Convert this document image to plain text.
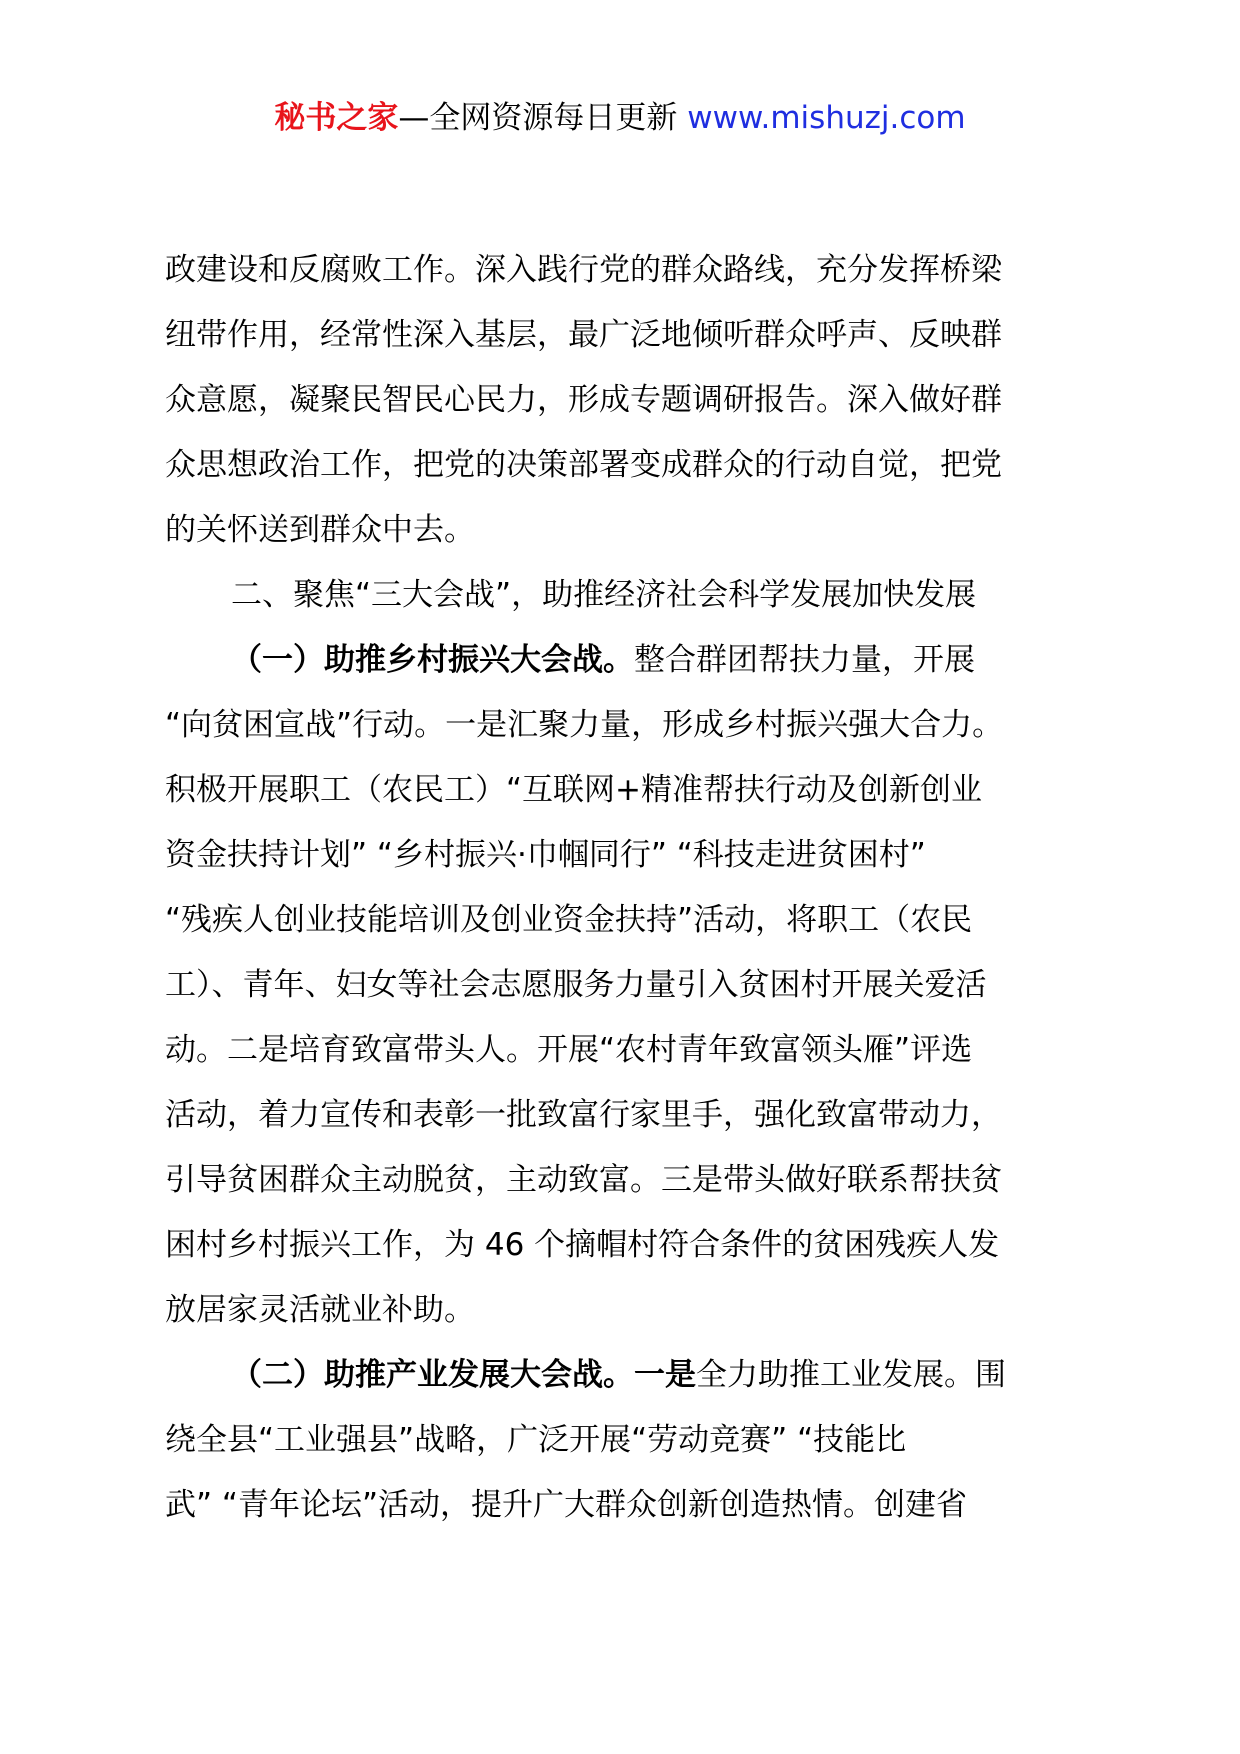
秘书之家—全网资源每日更新 www.mishuzj.com

政建设和反腐败工作。深入践行党的群众路线，充分发挥桥梁
纽带作用，经常性深入基层，最广泛地倾听群众呼声、反映群
众意愿，凝聚民智民心民力，形成专题调研报告。深入做好群
众思想政治工作，把党的决策部署变成群众的行动自觉，把党
的关怀送到群众中去。

二、聚焦“三大会战”，助推经济社会科学发展加快发展

（一）助推乡村振兴大会战。整合群团帮扶力量，开展
“向贫困宣战”行动。一是汇聚力量，形成乡村振兴强大合力。
积极开展职工（农民工）“互联网+精准帮扶行动及创新创业
资金扶持计划” “乡村振兴·巾帼同行” “科技走进贫困村”
“残疾人创业技能培训及创业资金扶持”活动，将职工（农民
工）、青年、妇女等社会志愿服务力量引入贫困村开展关爱活
动。二是培育致富带头人。开展“农村青年致富领头雁”评选
活动，着力宣传和表彰一批致富行家里手，强化致富带动力，
引导贫困群众主动脱贫，主动致富。三是带头做好联系帮扶贫
困村乡村振兴工作，为 46 个摘帽村符合条件的贫困残疾人发
放居家灵活就业补助。

（二）助推产业发展大会战。一是全力助推工业发展。围
绕全县“工业强县”战略，广泛开展“劳动竞赛” “技能比
武” “青年论坛”活动，提升广大群众创新创造热情。创建省
